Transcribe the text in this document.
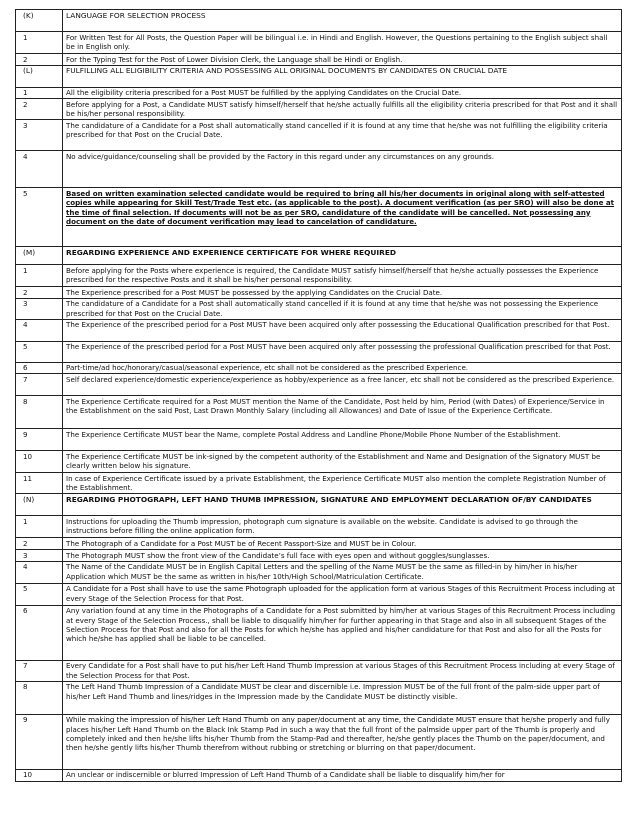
(K)	LANGUAGE FOR SELECTION PROCESS
1	For Written Test for All Posts, the Question Paper will be bilingual i.e. in Hindi and English. However, the Questions pertaining to the English subject shall be in English only.
2	For the Typing Test for the Post of Lower Division Clerk, the Language shall be Hindi or English.
(L)	FULFILLING ALL ELIGIBILITY CRITERIA AND POSSESSING ALL ORIGINAL DOCUMENTS BY CANDIDATES ON CRUCIAL DATE
1	All the eligibility criteria prescribed for a Post MUST be fulfilled by the applying Candidates on the Crucial Date.
2	Before applying for a Post, a Candidate MUST satisfy himself/herself that he/she actually fulfills all the eligibility criteria prescribed for that Post and it shall be his/her personal responsibility.
3	The candidature of a Candidate for a Post shall automatically stand cancelled if it is found at any time that he/she was not fulfilling the eligibility criteria prescribed for that Post on the Crucial Date.
4	No advice/guidance/counseling shall be provided by the Factory in this regard under any circumstances on any grounds.
5	Based on written examination selected candidate would be required to bring all his/her documents in original along with self-attested copies while appearing for Skill Test/Trade Test etc. (as applicable to the post). A document verification (as per SRO) will also be done at the time of final selection. If documents will not be as per SRO, candidature of the candidate will be cancelled. Not possessing any document on the date of document verification may lead to cancelation of candidature.
(M)	REGARDING EXPERIENCE AND EXPERIENCE CERTIFICATE FOR WHERE REQUIRED
1	Before applying for the Posts where experience is required, the Candidate MUST satisfy himself/herself that he/she actually possesses the Experience prescribed for the respective Posts and it shall be his/her personal responsibility.
2	The Experience prescribed for a Post MUST be possessed by the applying Candidates on the Crucial Date.
3	The candidature of a Candidate for a Post shall automatically stand cancelled if it is found at any time that he/she was not possessing the Experience prescribed for that Post on the Crucial Date.
4	The Experience of the prescribed period for a Post MUST have been acquired only after possessing the Educational Qualification prescribed for that Post.
5	The Experience of the prescribed period for a Post MUST have been acquired only after possessing the professional Qualification prescribed for that Post.
6	Part-time/ad hoc/honorary/casual/seasonal experience, etc shall not be considered as the prescribed Experience.
7	Self declared experience/domestic experience/experience as hobby/experience as a free lancer, etc shall not be considered as the prescribed Experience.
8	The Experience Certificate required for a Post MUST mention the Name of the Candidate, Post held by him, Period (with Dates) of Experience/Service in the Establishment on the said Post, Last Drawn Monthly Salary (including all Allowances) and Date of Issue of the Experience Certificate.
9	The Experience Certificate MUST bear the Name, complete Postal Address and Landline Phone/Mobile Phone Number of the Establishment.
10	The Experience Certificate MUST be ink-signed by the competent authority of the Establishment and Name and Designation of the Signatory MUST be clearly written below his signature.
11	In case of Experience Certificate issued by a private Establishment, the Experience Certificate MUST also mention the complete Registration Number of the Establishment.
(N)	REGARDING PHOTOGRAPH, LEFT HAND THUMB IMPRESSION, SIGNATURE AND EMPLOYMENT DECLARATION OF/BY CANDIDATES
1	Instructions for uploading the Thumb impression, photograph cum signature is available on the website. Candidate is advised to go through the instructions before filling the online application form.
2	The Photograph of a Candidate for a Post MUST be of Recent Passport-Size and MUST be in Colour.
3	The Photograph MUST show the front view of the Candidate’s full face with eyes open and without goggles/sunglasses.
4	The Name of the Candidate MUST be in English Capital Letters and the spelling of the Name MUST be the same as filled-in by him/her in his/her Application which MUST be the same as written in his/her 10th/High School/Matriculation Certificate.
5	A Candidate for a Post shall have to use the same Photograph uploaded for the application form at various Stages of this Recruitment Process including at every Stage of the Selection Process for that Post.
6	Any variation found at any time in the Photographs of a Candidate for a Post submitted by him/her at various Stages of this Recruitment Process including at every Stage of the Selection Process., shall be liable to disqualify him/her for further appearing in that Stage and also in all subsequent Stages of the Selection Process for that Post and also for all the Posts for which he/she has applied and his/her candidature for that Post and also for all the Posts for which he/she has applied shall be liable to be cancelled.
7	Every Candidate for a Post shall have to put his/her Left Hand Thumb Impression at various Stages of this Recruitment Process including at every Stage of the Selection Process for that Post.
8	The Left Hand Thumb Impression of a Candidate MUST be clear and discernible i.e. Impression MUST be of the full front of the palm-side upper part of his/her Left Hand Thumb and lines/ridges in the Impression made by the Candidate MUST be distinctly visible.
9	While making the impression of his/her Left Hand Thumb on any paper/document at any time, the Candidate MUST ensure that he/she properly and fully places his/her Left Hand Thumb on the Black Ink Stamp Pad in such a way that the full front of the palmside upper part of the Thumb is properly and completely inked and then he/she lifts his/her Thumb from the Stamp-Pad and thereafter, he/she gently places the Thumb on the paper/document, and then he/she gently lifts his/her Thumb therefrom without rubbing or stretching or blurring on that paper/document.
10	An unclear or indiscernible or blurred Impression of Left Hand Thumb of a Candidate shall be liable to disqualify him/her for
